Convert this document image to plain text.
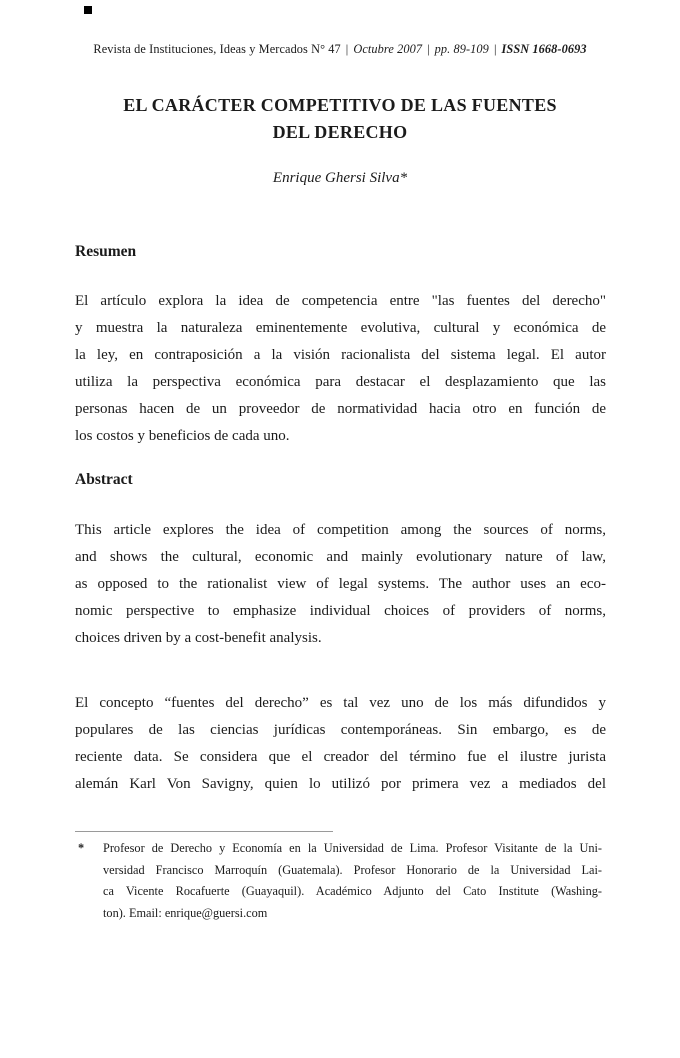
Revista de Instituciones, Ideas y Mercados N° 47 | Octubre 2007 | pp. 89-109 | ISSN 1668-0693
EL CARÁCTER COMPETITIVO DE LAS FUENTES
DEL DERECHO
Enrique Ghersi Silva*
Resumen
El artículo explora la idea de competencia entre "las fuentes del derecho"
y muestra la naturaleza eminentemente evolutiva, cultural y económica de
la ley, en contraposición a la visión racionalista del sistema legal. El autor
utiliza la perspectiva económica para destacar el desplazamiento que las
personas hacen de un proveedor de normatividad hacia otro en función de
los costos y beneficios de cada uno.
Abstract
This article explores the idea of competition among the sources of norms,
and shows the cultural, economic and mainly evolutionary nature of law,
as opposed to the rationalist view of legal systems. The author uses an eco-
nomic perspective to emphasize individual choices of providers of norms,
choices driven by a cost-benefit analysis.
El concepto “fuentes del derecho” es tal vez uno de los más difundidos y
populares de las ciencias jurídicas contemporáneas. Sin embargo, es de
reciente data. Se considera que el creador del término fue el ilustre jurista
alemán Karl Von Savigny, quien lo utilizó por primera vez a mediados del
* Profesor de Derecho y Economía en la Universidad de Lima. Profesor Visitante de la Uni-
versidad Francisco Marroquín (Guatemala). Profesor Honorario de la Universidad Lai-
ca Vicente Rocafuerte (Guayaquil). Académico Adjunto del Cato Institute (Washing-
ton). Email: enrique@guersi.com
